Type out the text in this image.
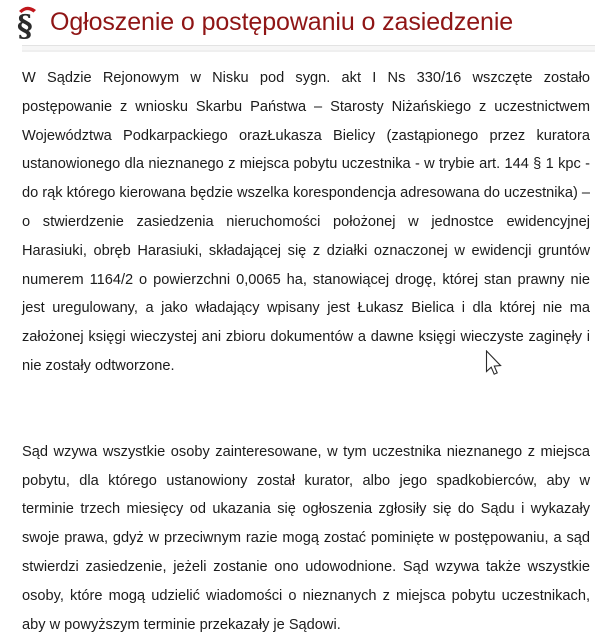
§ Ogłoszenie o postępowaniu o zasiedzenie

W Sądzie Rejonowym w Nisku pod sygn. akt I Ns 330/16 wszczęte zostało postępowanie z wniosku Skarbu Państwa – Starosty Niżańskiego z uczestnictwem Województwa Podkarpackiego orazŁukasza Bielicy (zastąpionego przez kuratora ustanowionego dla nieznanego z miejsca pobytu uczestnika - w trybie art. 144 § 1 kpc - do rąk którego kierowana będzie wszelka korespondencja adresowana do uczestnika) – o stwierdzenie zasiedzenia nieruchomości położonej w jednostce ewidencyjnej Harasiuki, obręb Harasiuki, składającej się z działki oznaczonej w ewidencji gruntów numerem 1164/2 o powierzchni 0,0065 ha, stanowiącej drogę, której stan prawny nie jest uregulowany, a jako władający wpisany jest Łukasz Bielica i dla której nie ma założonej księgi wieczystej ani zbioru dokumentów a dawne księgi wieczyste zaginęły i nie zostały odtworzone.

Sąd wzywa wszystkie osoby zainteresowane, w tym uczestnika nieznanego z miejsca pobytu, dla którego ustanowiony został kurator, albo jego spadkobierców, aby w terminie trzech miesięcy od ukazania się ogłoszenia zgłosiły się do Sądu i wykazały swoje prawa, gdyż w przeciwnym razie mogą zostać pominięte w postępowaniu, a sąd stwierdzi zasiedzenie, jeżeli zostanie ono udowodnione. Sąd wzywa także wszystkie osoby, które mogą udzielić wiadomości o nieznanych z miejsca pobytu uczestnikach, aby w powyższym terminie przekazały je Sądowi.
